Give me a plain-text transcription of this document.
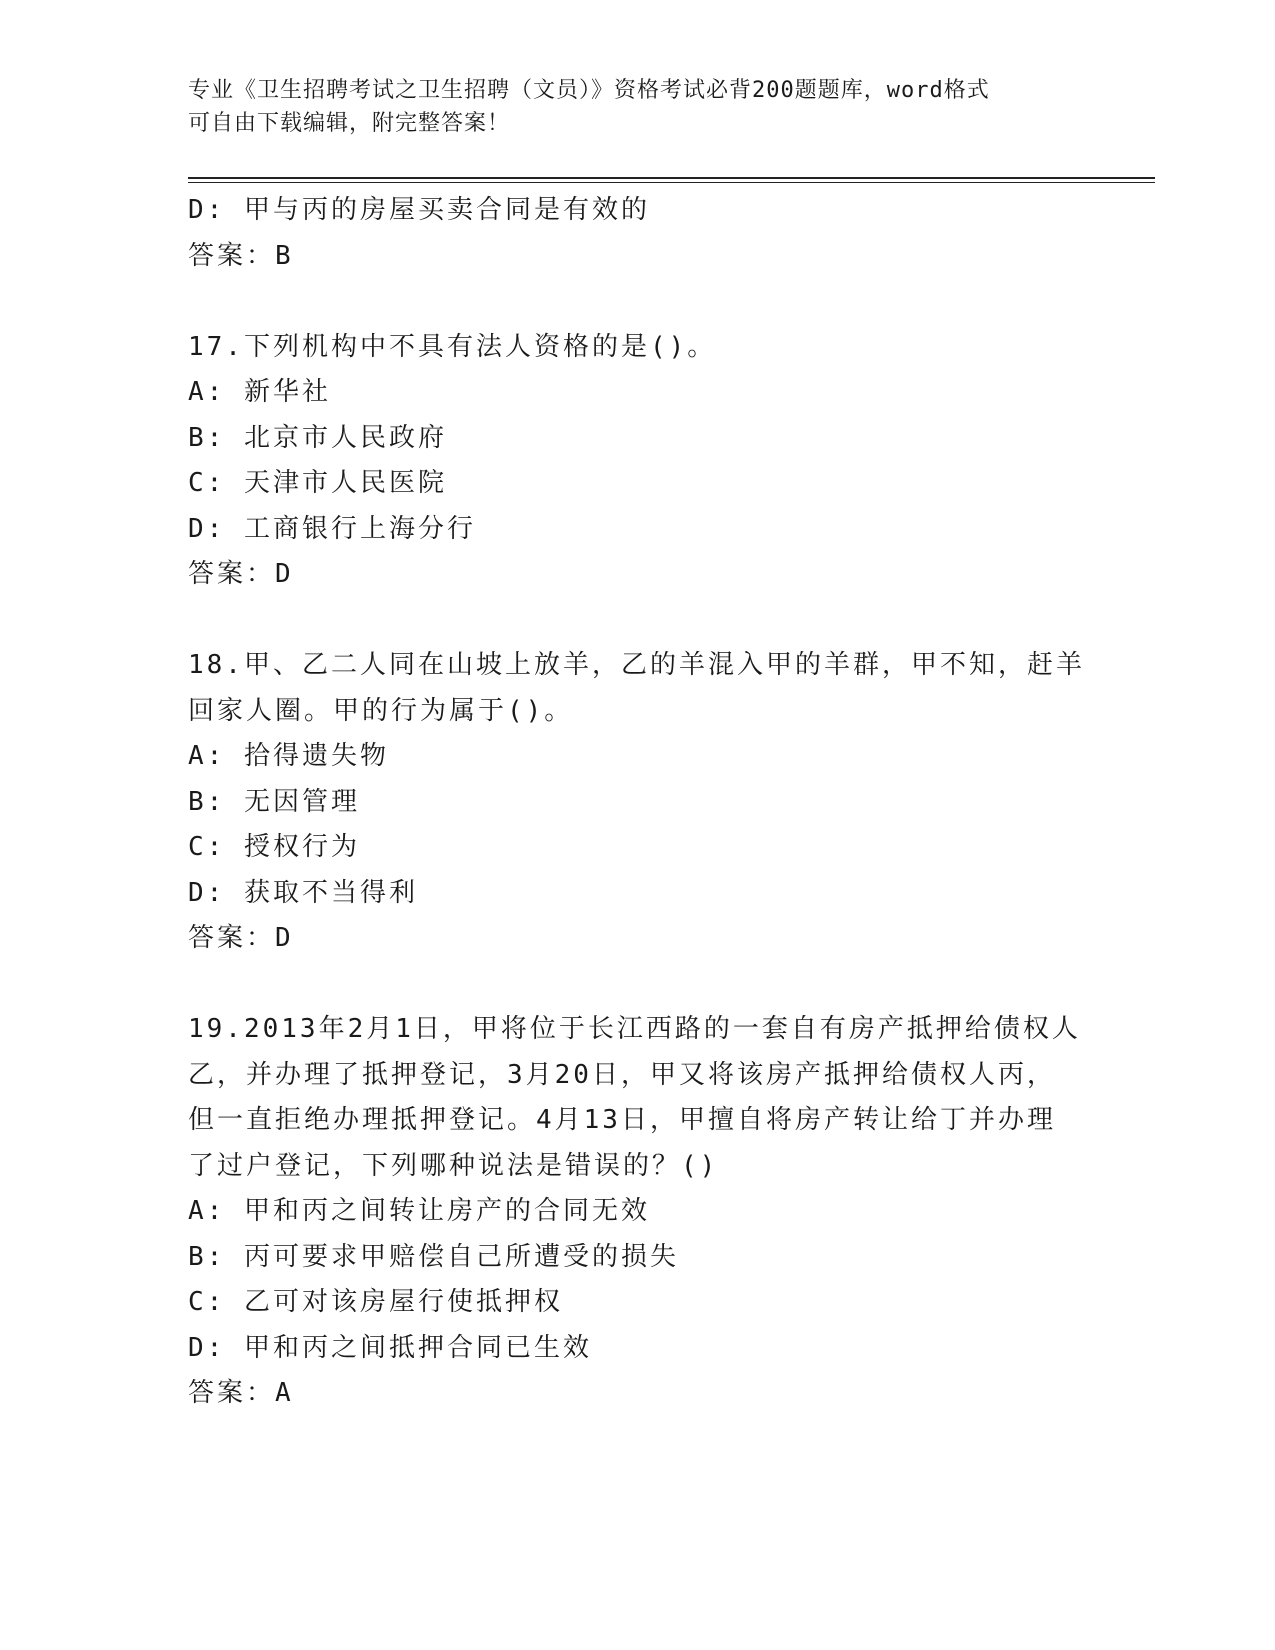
专业《卫生招聘考试之卫生招聘（文员）》资格考试必背200题题库，word格式
可自由下载编辑，附完整答案！
D: 甲与丙的房屋买卖合同是有效的
答案：B
17.下列机构中不具有法人资格的是()。
A: 新华社
B: 北京市人民政府
C: 天津市人民医院
D: 工商银行上海分行
答案：D
18.甲、乙二人同在山坡上放羊，乙的羊混入甲的羊群，甲不知，赶羊
回家人圈。甲的行为属于()。
A: 拾得遗失物
B: 无因管理
C: 授权行为
D: 获取不当得利
答案：D
19.2013年2月1日，甲将位于长江西路的一套自有房产抵押给债权人
乙，并办理了抵押登记，3月20日，甲又将该房产抵押给债权人丙，
但一直拒绝办理抵押登记。4月13日，甲擅自将房产转让给丁并办理
了过户登记，下列哪种说法是错误的？()
A: 甲和丙之间转让房产的合同无效
B: 丙可要求甲赔偿自己所遭受的损失
C: 乙可对该房屋行使抵押权
D: 甲和丙之间抵押合同已生效
答案：A
